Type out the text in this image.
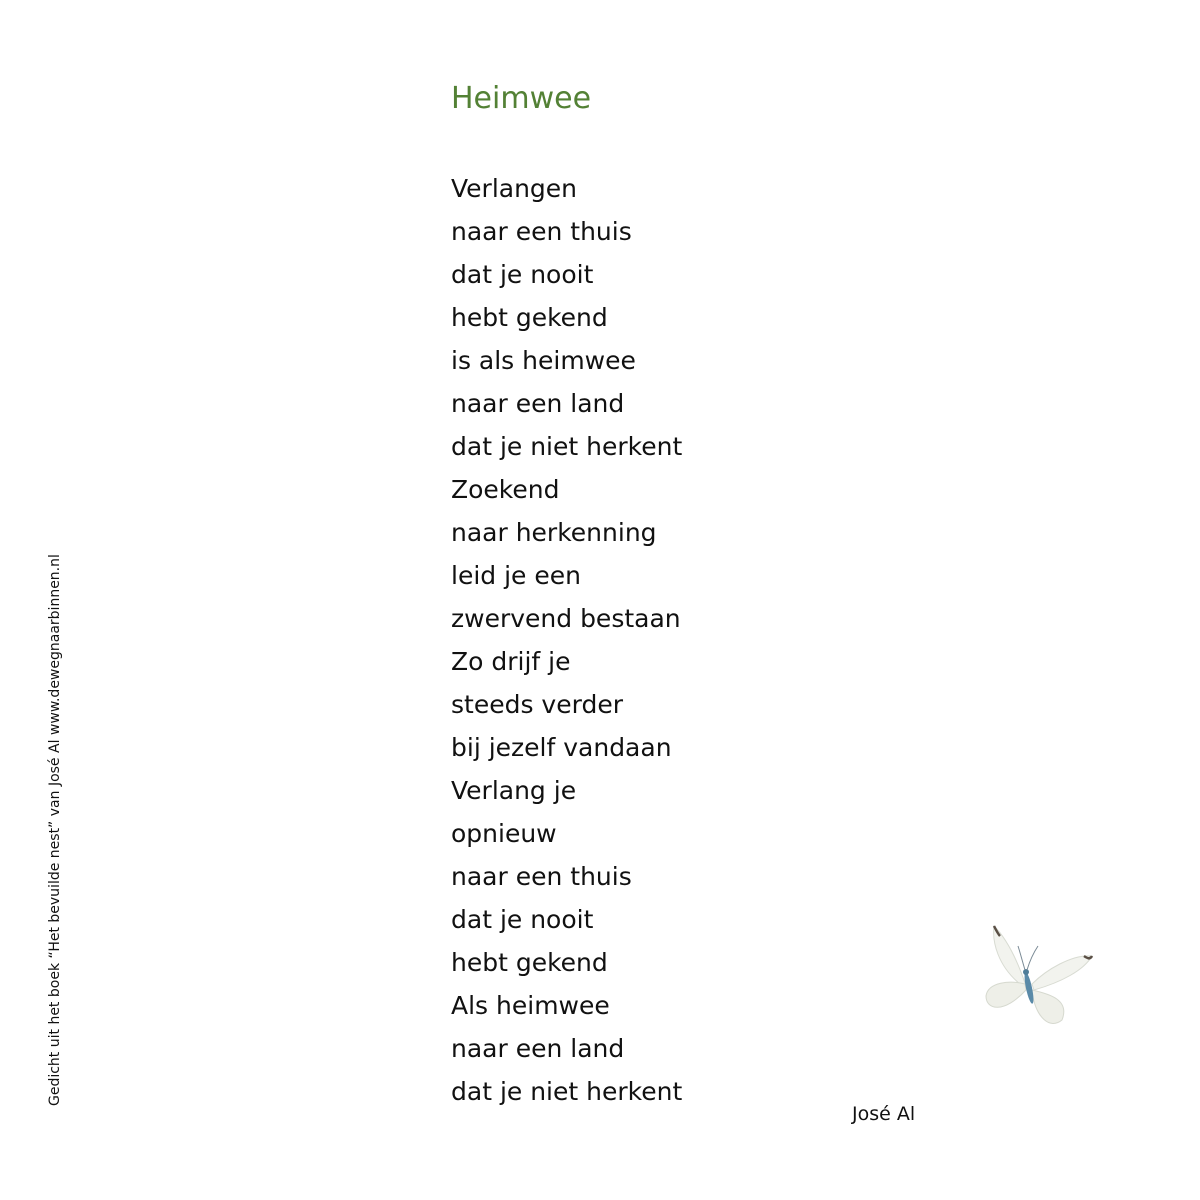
Heimwee
Verlangen
naar een thuis
dat je nooit
hebt gekend
is als heimwee
naar een land
dat je niet herkent
Zoekend
naar herkenning
leid je een
zwervend bestaan
Zo drijf je
steeds verder
bij jezelf vandaan
Verlang je
opnieuw
naar een thuis
dat je nooit
hebt gekend
Als heimwee
naar een land
dat je niet herkent
José Al
Gedicht uit het boek “Het bevuilde nest” van José Al www.dewegnaarbinnen.nl
